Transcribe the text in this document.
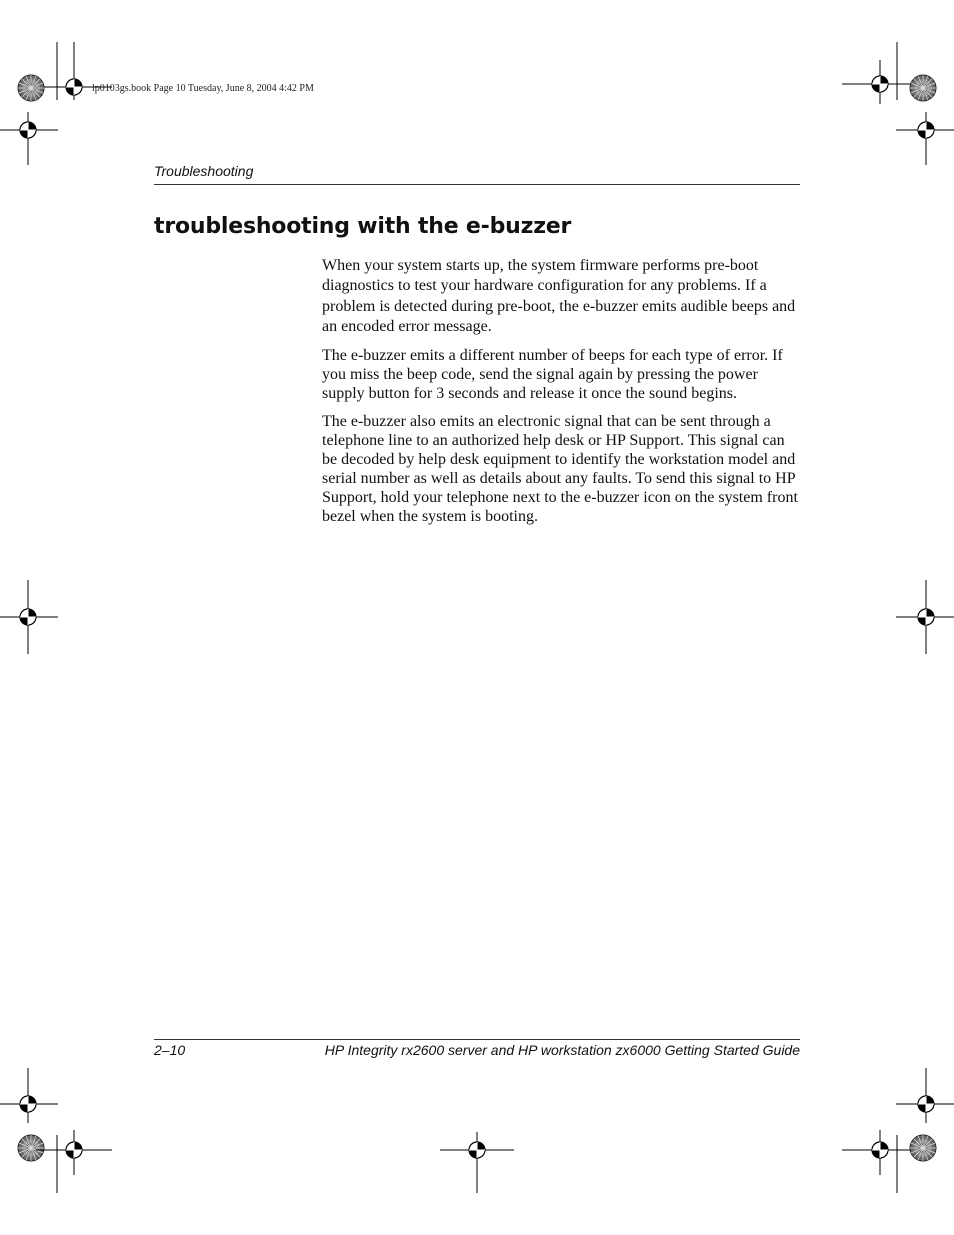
lp0103gs.book Page 10 Tuesday, June 8, 2004 4:42 PM
Troubleshooting
troubleshooting with the e-buzzer

When your system starts up, the system firmware performs pre-boot diagnostics to test your hardware configuration for any problems. If a problem is detected during pre-boot, the e-buzzer emits audible beeps and an encoded error message.

The e-buzzer emits a different number of beeps for each type of error. If you miss the beep code, send the signal again by pressing the power supply button for 3 seconds and release it once the sound begins.

The e-buzzer also emits an electronic signal that can be sent through a telephone line to an authorized help desk or HP Support. This signal can be decoded by help desk equipment to identify the workstation model and serial number as well as details about any faults. To send this signal to HP Support, hold your telephone next to the e-buzzer icon on the system front bezel when the system is booting.

2–10	HP Integrity rx2600 server and HP workstation zx6000 Getting Started Guide
